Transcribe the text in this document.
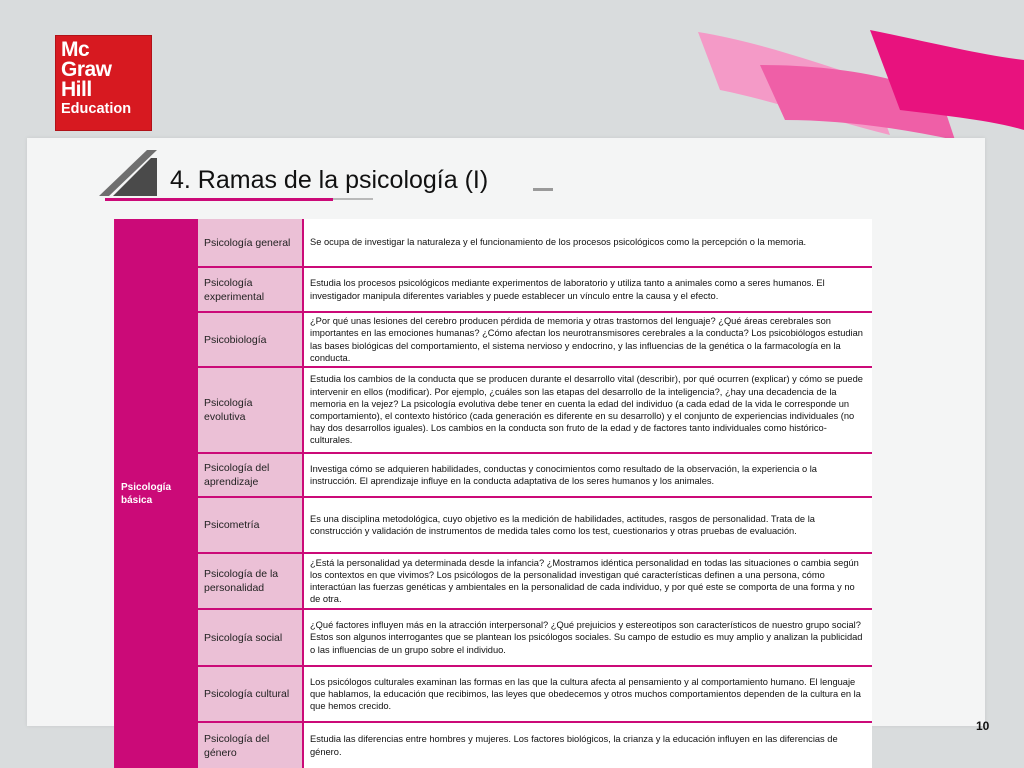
Mc
Graw
Hill
Education
4. Ramas de la psicología (I)
Psicología
básica
Psicología general	Se ocupa de investigar la naturaleza y el funcionamiento de los procesos psicológicos como la percepción o la memoria.
Psicología experimental
Estudia los procesos psicológicos mediante experimentos de laboratorio y utiliza tanto a animales como a seres humanos. El investigador manipula diferentes variables y puede establecer un vínculo entre la causa y el efecto.
Psicobiología
¿Por qué unas lesiones del cerebro producen pérdida de memoria y otras trastornos del lenguaje? ¿Qué áreas cerebrales son importantes en las emociones humanas? ¿Cómo afectan los neurotransmisores cerebrales a la conducta? Los psicobiólogos estudian las bases biológicas del comportamiento, el sistema nervioso y endocrino, y las influencias de la genética o la farmacología en la conducta.
Psicología evolutiva
Estudia los cambios de la conducta que se producen durante el desarrollo vital (describir), por qué ocurren (explicar) y cómo se puede intervenir en ellos (modificar). Por ejemplo, ¿cuáles son las etapas del desarrollo de la inteligencia?, ¿hay una decadencia de la memoria en la vejez? La psicología evolutiva debe tener en cuenta la edad del individuo (a cada edad de la vida le corresponde un comportamiento), el contexto histórico (cada generación es diferente en su desarrollo) y el conjunto de experiencias individuales (no hay dos desarrollos iguales). Los cambios en la conducta son fruto de la edad y de factores tanto individuales como histórico-culturales.
Psicología del aprendizaje
Investiga cómo se adquieren habilidades, conductas y conocimientos como resultado de la observación, la experiencia o la instrucción. El aprendizaje influye en la conducta adaptativa de los seres humanos y los animales.
Psicometría
Es una disciplina metodológica, cuyo objetivo es la medición de habilidades, actitudes, rasgos de personalidad. Trata de la construcción y validación de instrumentos de medida tales como los test, cuestionarios y otras pruebas de evaluación.
Psicología de la personalidad
¿Está la personalidad ya determinada desde la infancia? ¿Mostramos idéntica personalidad en todas las situaciones o cambia según los contextos en que vivimos? Los psicólogos de la personalidad investigan qué características definen a una persona, cómo interactúan las fuerzas genéticas y ambientales en la personalidad de cada individuo, y por qué este se comporta de una forma y no de otra.
Psicología social
¿Qué factores influyen más en la atracción interpersonal? ¿Qué prejuicios y estereotipos son característicos de nuestro grupo social? Estos son algunos interrogantes que se plantean los psicólogos sociales. Su campo de estudio es muy amplio y analizan la publicidad o las influencias de un grupo sobre el individuo.
Psicología cultural
Los psicólogos culturales examinan las formas en las que la cultura afecta al pensamiento y al comportamiento humano. El lenguaje que hablamos, la educación que recibimos, las leyes que obedecemos y otros muchos comportamientos dependen de la cultura en la que hemos crecido.
Psicología del género
Estudia las diferencias entre hombres y mujeres. Los factores biológicos, la crianza y la educación influyen en las diferencias de género.
10
